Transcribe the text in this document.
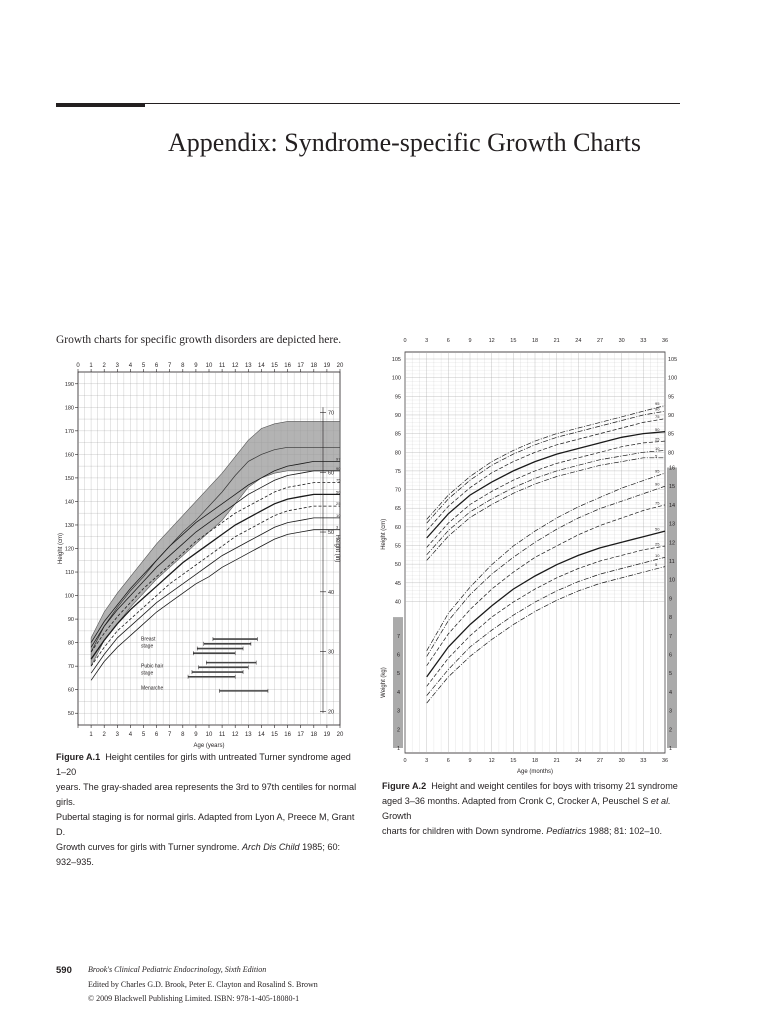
Appendix: Syndrome-specific Growth Charts
Growth charts for specific growth disorders are depicted here.
97
90
75
50
25
10
3
0 1
1
2
2
3
3
4
4
5
5
6
6
7
7
8
8
9
9
10
10
11
11
12
12
13
13
14
14
15
15
16
16
17
17
18
18
19
19
20
20
50
60
70
80
90
100
110
120
130
140
150
160
170
180
190
20
30
40
50
60
70
Height (cm)	Height (in)
Age (years)
Breast
stage
Pubic hair
stage
Menarche
Figure A.1 Height centiles for girls with untreated Turner syndrome aged 1–20
years. The gray-shaded area represents the 3rd to 97th centiles for normal girls.
Pubertal staging is for normal girls. Adapted from Lyon A, Preece M, Grant D.
Growth curves for girls with Turner syndrome. Arch Dis Child 1985; 60:
932–935.
0
0
3
3
6
6
9
9
12
12
15
15
18
18
21
21
24
24
27
27
30
30
33
33
36
36
40
45
50
55
60
65
70
75
80	80
85	85
90	90
95	95
100	100
105	105
1	1
2	2
3	3
4	4
5	5
6	6
7	7
8
9
10
11
12
13
14
15
16
95
90
75
50
25
10
5
95
90
75
50
25
10
5
Height (cm)
Weight (kg)
Age (months)
Figure A.2 Height and weight centiles for boys with trisomy 21 syndrome
aged 3–36 months. Adapted from Cronk C, Crocker A, Peuschel S et al. Growth
charts for children with Down syndrome. Pediatrics 1988; 81: 102–10.
590 Brook's Clinical Pediatric Endocrinology, Sixth Edition
Edited by Charles G.D. Brook, Peter E. Clayton and Rosalind S. Brown
© 2009 Blackwell Publishing Limited. ISBN: 978-1-405-18080-1
